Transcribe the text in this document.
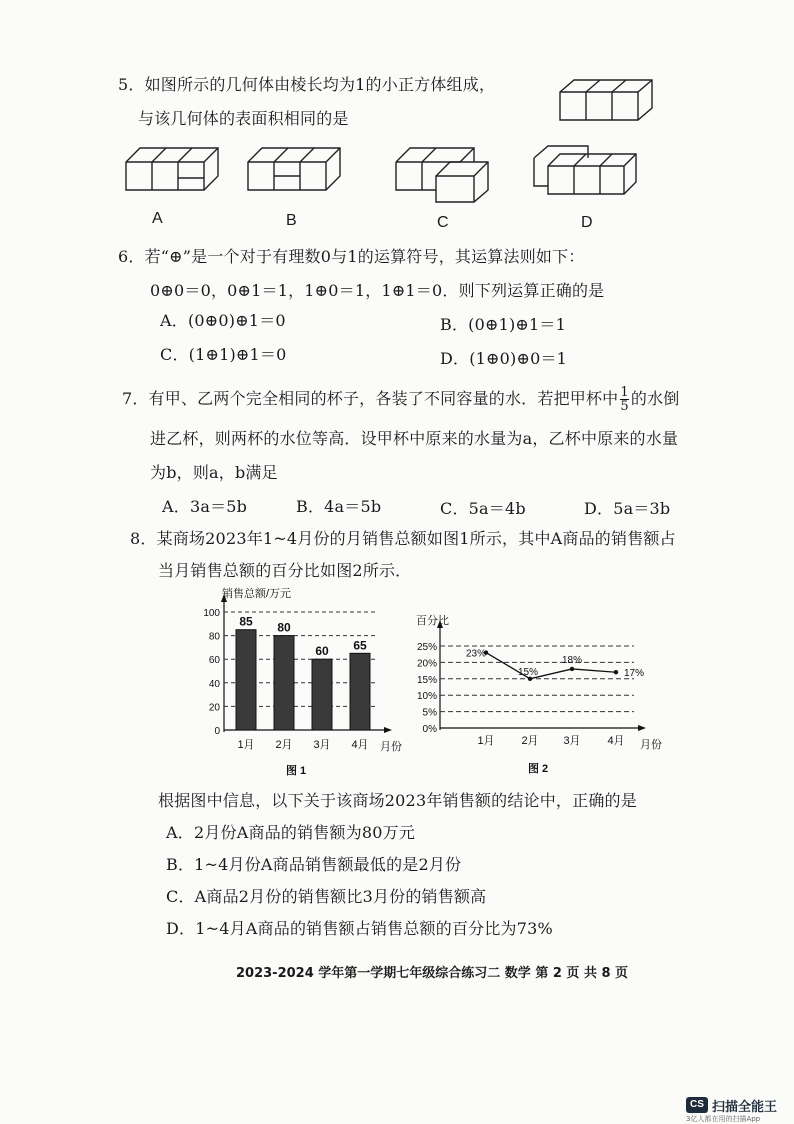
5．如图所示的几何体由棱长均为1的小正方体组成，
与该几何体的表面积相同的是
A	B	C	D
6．若“⊕”是一个对于有理数0与1的运算符号，其运算法则如下：
0⊕0＝0，0⊕1＝1，1⊕0＝1，1⊕1＝0．则下列运算正确的是
A．(0⊕0)⊕1＝0	B．(0⊕1)⊕1＝1
C．(1⊕1)⊕1＝0	D．(1⊕0)⊕0＝1
7．有甲、乙两个完全相同的杯子，各装了不同容量的水．若把甲杯中 $\frac{1}{5}$ 的水倒
进乙杯，则两杯的水位等高．设甲杯中原来的水量为a，乙杯中原来的水量
为b，则a，b满足
A．3a＝5b	B．4a＝5b	C．5a＝4b	D．5a＝3b
8．某商场2023年1~4月份的月销售总额如图1所示，其中A商品的销售额占
当月销售总额的百分比如图2所示．
销售总额/万元
月份
图 1
0
20
40
60
80
100
85
1月
80
2月
60
3月
65
4月
百分比
月份
图 2
0%
5%
10%
15%
20%
25%
23%
1月
15%
2月
18%
3月
17%
4月
根据图中信息，以下关于该商场2023年销售额的结论中，正确的是
A．2月份A商品的销售额为80万元
B．1~4月份A商品销售额最低的是2月份
C．A商品2月份的销售额比3月份的销售额高
D．1~4月A商品的销售额占销售总额的百分比为73%
2023-2024 学年第一学期七年级综合练习二 数学 第 2 页 共 8 页
CS 扫描全能王
3亿人都在用的扫描App
